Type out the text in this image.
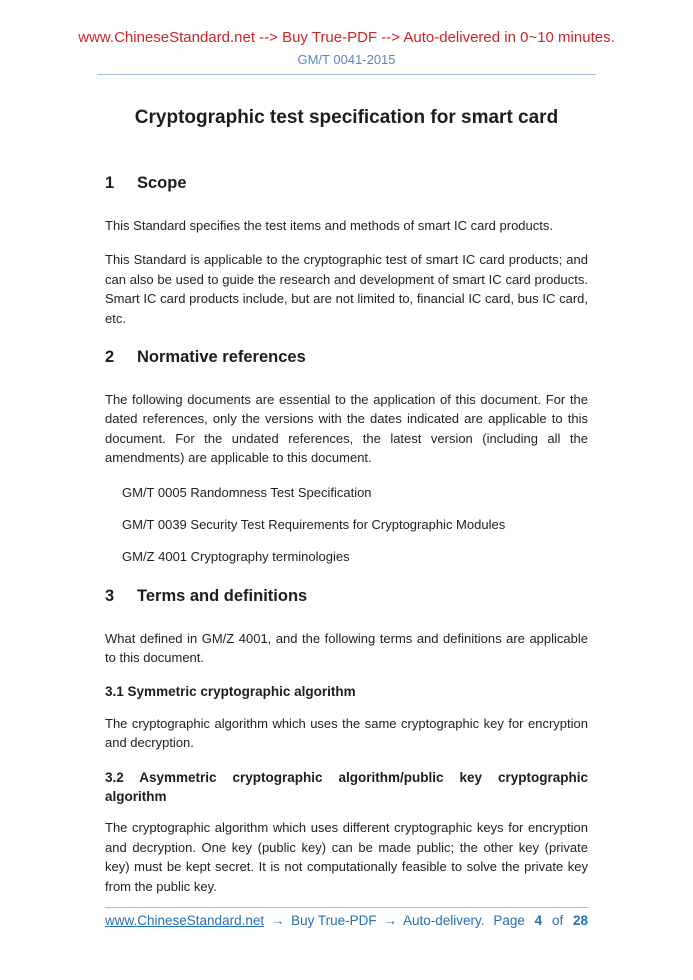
www.ChineseStandard.net --> Buy True-PDF --> Auto-delivered in 0~10 minutes.
GM/T 0041-2015
Cryptographic test specification for smart card
1 Scope

This Standard specifies the test items and methods of smart IC card products.

This Standard is applicable to the cryptographic test of smart IC card products; and can also be used to guide the research and development of smart IC card products. Smart IC card products include, but are not limited to, financial IC card, bus IC card, etc.

2 Normative references

The following documents are essential to the application of this document. For the dated references, only the versions with the dates indicated are applicable to this document. For the undated references, the latest version (including all the amendments) are applicable to this document.

GM/T 0005 Randomness Test Specification

GM/T 0039 Security Test Requirements for Cryptographic Modules

GM/Z 4001 Cryptography terminologies

3 Terms and definitions

What defined in GM/Z 4001, and the following terms and definitions are applicable to this document.

3.1 Symmetric cryptographic algorithm

The cryptographic algorithm which uses the same cryptographic key for encryption and decryption.

3.2 Asymmetric cryptographic algorithm/public key cryptographic algorithm

The cryptographic algorithm which uses different cryptographic keys for encryption and decryption. One key (public key) can be made public; the other key (private key) must be kept secret. It is not computationally feasible to solve the private key from the public key.

www.ChineseStandard.net → Buy True-PDF → Auto-delivery. Page 4 of 28
